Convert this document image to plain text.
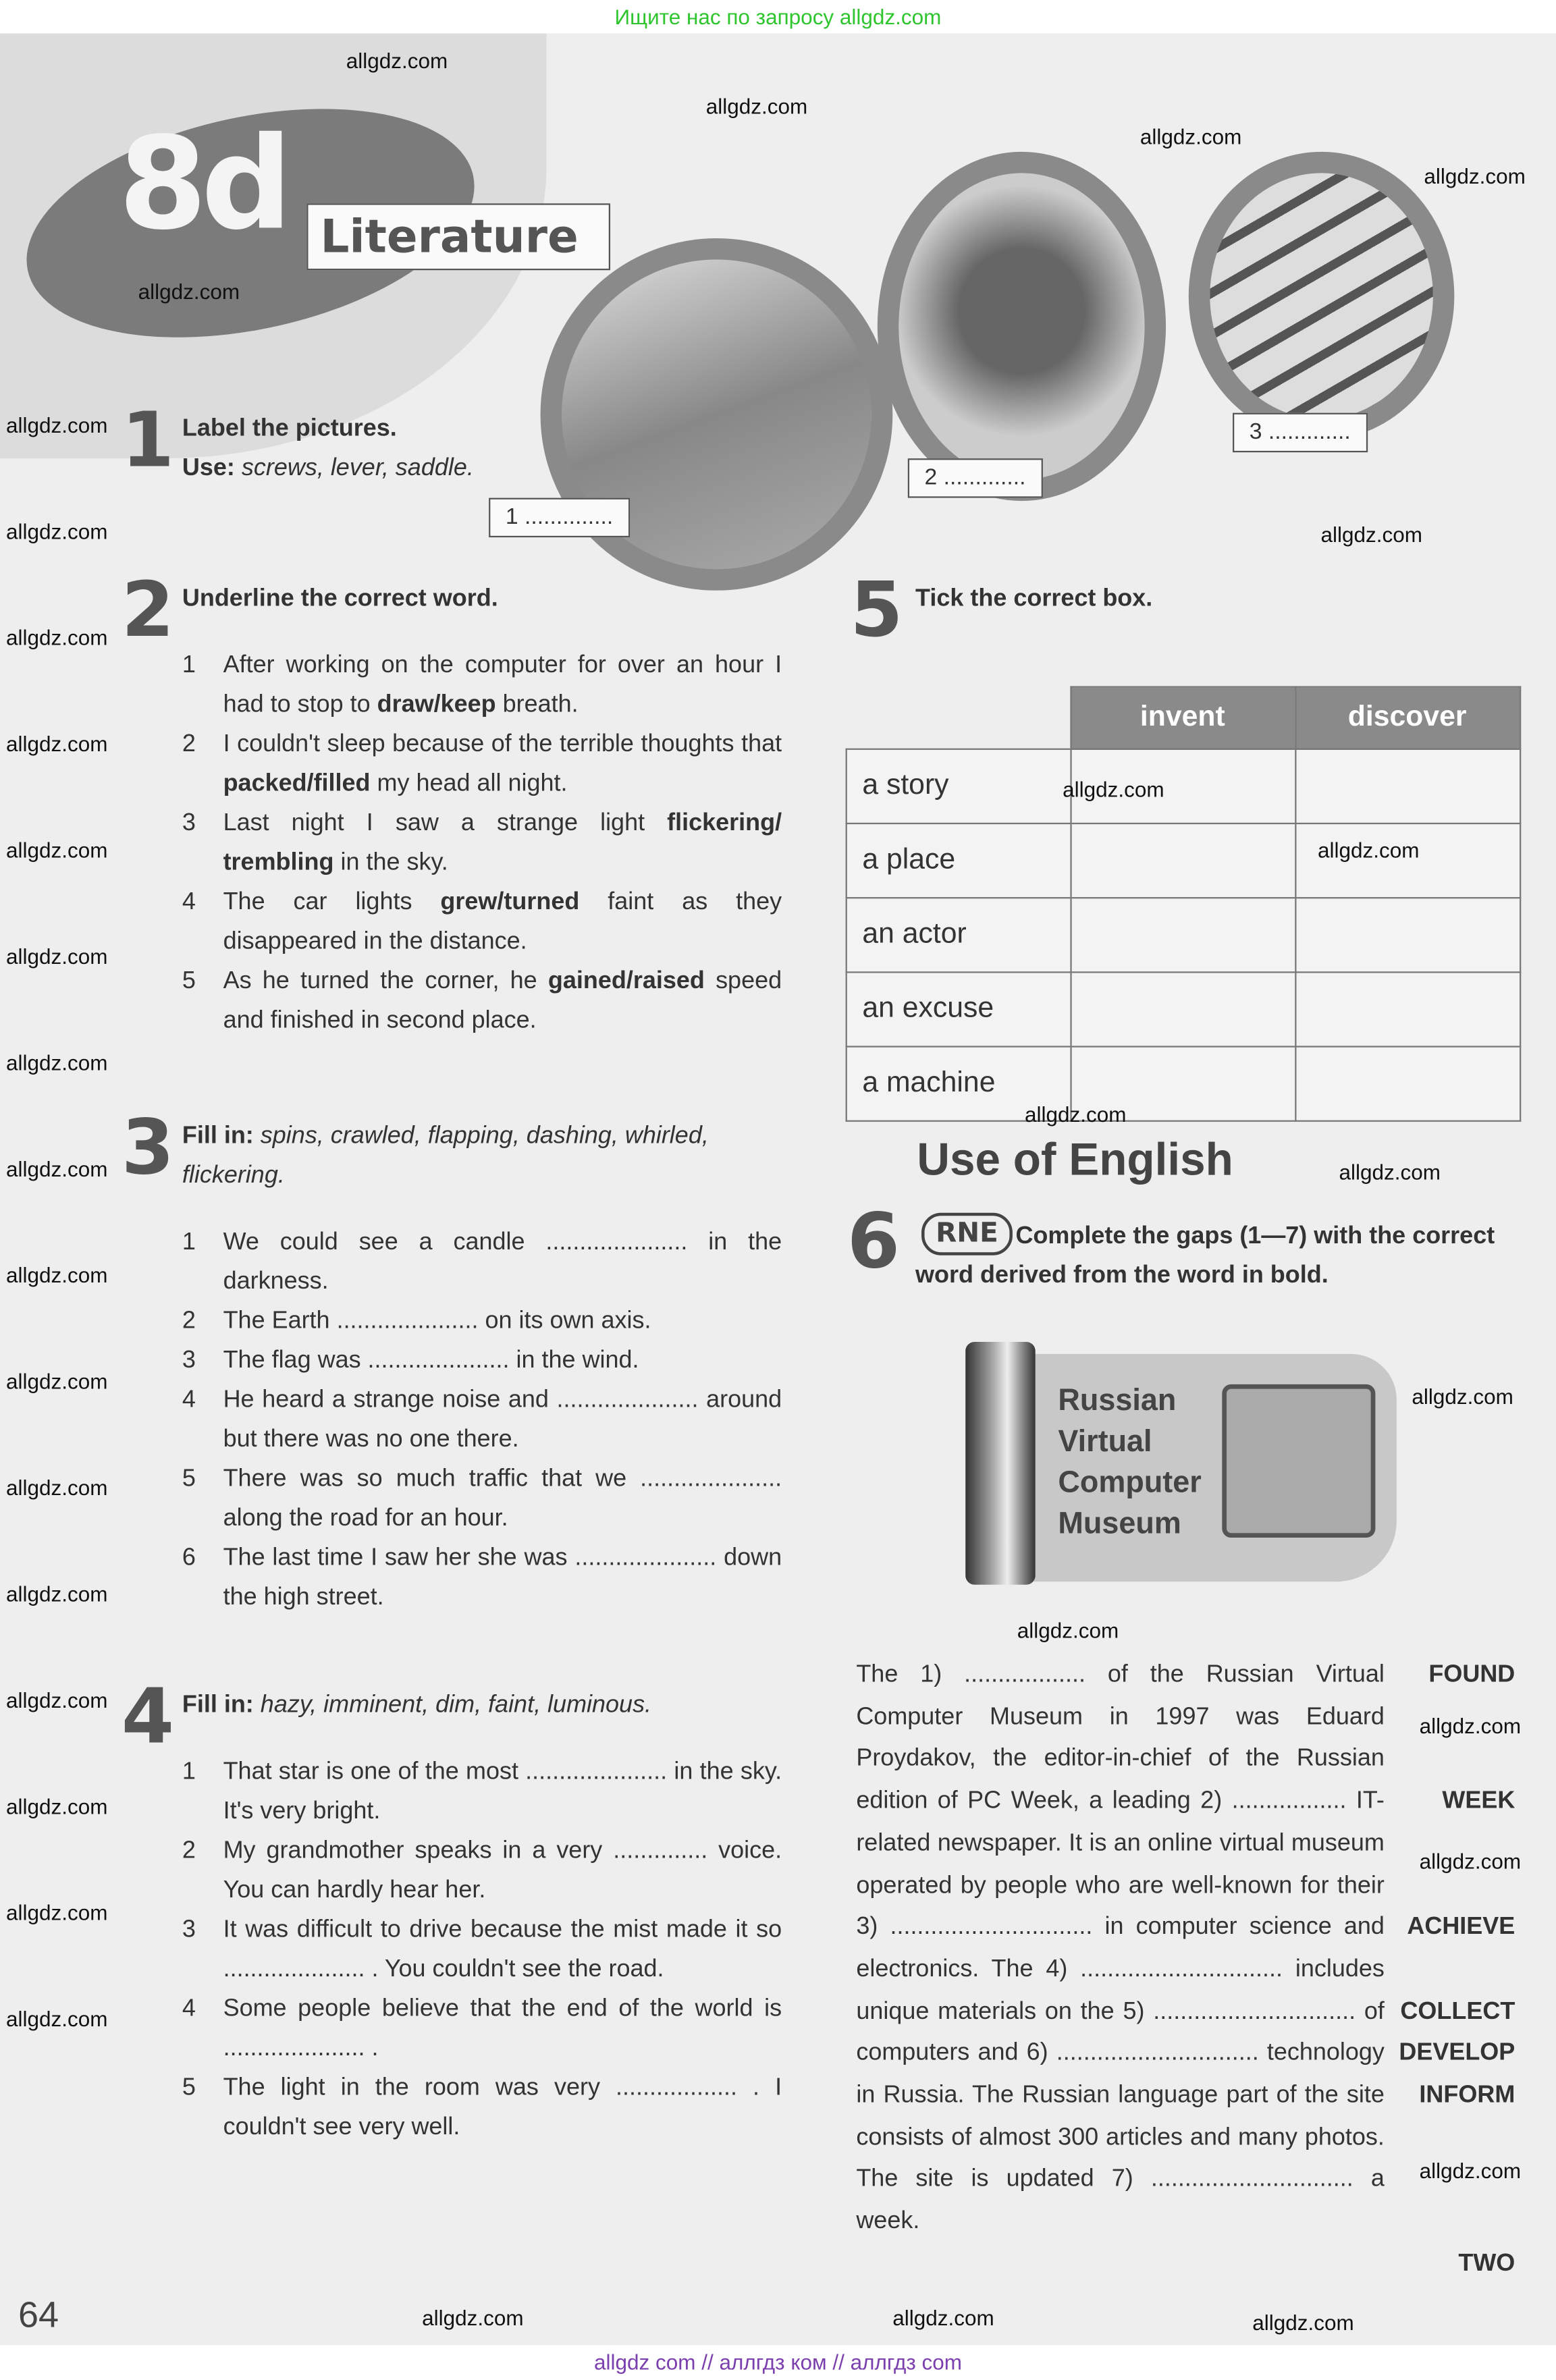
Ищите нас по запросу allgdz.com
8d	Literature
1 ..............
2 .............
3 .............
1 Label the pictures.
Use: screws, lever, saddle.
2 Underline the correct word.
1	After working on the computer for over an hour I had to stop to draw/keep breath.
2	I couldn't sleep because of the terrible thoughts that packed/filled my head all night.
3	Last night I saw a strange light flickering/ trembling in the sky.
4	The car lights grew/turned faint as they disappeared in the distance.
5	As he turned the corner, he gained/raised speed and finished in second place.
3 Fill in: spins, crawled, flapping, dashing, whirled, flickering.
1	We could see a candle ..................... in the darkness.
2	The Earth ..................... on its own axis.
3	The flag was ..................... in the wind.
4	He heard a strange noise and ..................... around but there was no one there.
5	There was so much traffic that we ..................... along the road for an hour.
6	The last time I saw her she was ..................... down the high street.
4 Fill in: hazy, imminent, dim, faint, luminous.
1	That star is one of the most ..................... in the sky. It's very bright.
2	My grandmother speaks in a very .............. voice. You can hardly hear her.
3	It was difficult to drive because the mist made it so ..................... . You couldn't see the road.
4	Some people believe that the end of the world is ..................... .
5	The light in the room was very .................. . I couldn't see very well.
5 Tick the correct box.
	invent	discover
a story		
a place		
an actor		
an excuse		
a machine		
Use of English
6	RNE	Complete the gaps (1—7) with the correct word derived from the word in bold.
Russian
Virtual
Computer
Museum
The 1) .................. of the Russian Virtual Computer Museum in 1997 was Eduard Proydakov, the editor-in-chief of the Russian edition of PC Week, a leading 2) ................. IT-related newspaper. It is an online virtual museum operated by people who are well-known for their 3) .............................. in computer science and electronics. The 4) .............................. includes unique materials on the 5) .............................. of computers and 6) .............................. technology in Russia. The Russian language part of the site consists of almost 300 articles and many photos. The site is updated 7) .............................. a week.
FOUND
WEEK
ACHIEVE
COLLECT
DEVELOP
INFORM
TWO
64
allgdz.com
allgdz.com
allgdz.com
allgdz.com
allgdz.com
allgdz.com
allgdz.com
allgdz.com
allgdz.com
allgdz.com
allgdz.com
allgdz.com
allgdz.com
allgdz.com
allgdz.com
allgdz.com	allgdz.com	allgdz.com
allgdz.com
allgdz.com
allgdz.com
allgdz.com
allgdz.com
allgdz.com
allgdz.com
allgdz.com
allgdz.com
allgdz.com
allgdz.com
allgdz.com
allgdz.com
allgdz.com
allgdz.com
allgdz.com
allgdz com // аллгдз ком // аллгдз com
